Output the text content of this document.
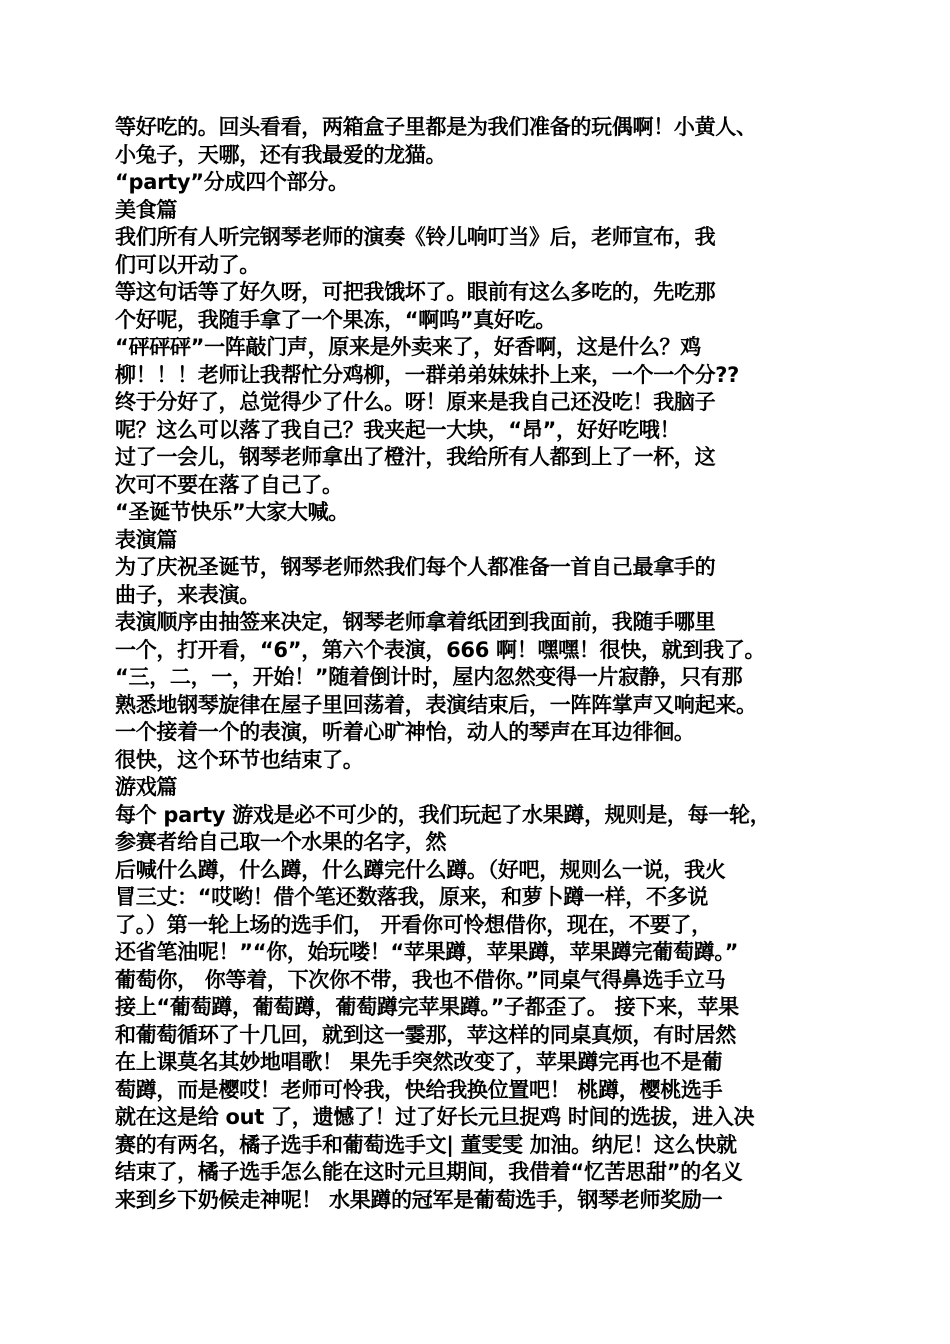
等好吃的。回头看看，两箱盒子里都是为我们准备的玩偶啊！小黄人、
小兔子，天哪，还有我最爱的龙猫。
“party”分成四个部分。
美食篇
我们所有人听完钢琴老师的演奏《铃儿响叮当》后，老师宣布，我
们可以开动了。
等这句话等了好久呀，可把我饿坏了。眼前有这么多吃的，先吃那
个好呢，我随手拿了一个果冻，“啊呜”真好吃。
“砰砰砰”一阵敲门声，原来是外卖来了，好香啊，这是什么？鸡
柳！！！老师让我帮忙分鸡柳，一群弟弟妹妹扑上来，一个一个分??
终于分好了，总觉得少了什么。呀！原来是我自己还没吃！我脑子
呢？这么可以落了我自己？我夹起一大块，“昂”，好好吃哦！
过了一会儿，钢琴老师拿出了橙汁，我给所有人都到上了一杯，这
次可不要在落了自己了。
“圣诞节快乐”大家大喊。
表演篇
为了庆祝圣诞节，钢琴老师然我们每个人都准备一首自己最拿手的
曲子，来表演。
表演顺序由抽签来决定，钢琴老师拿着纸团到我面前，我随手哪里
一个，打开看，“6”，第六个表演，666 啊！嘿嘿！很快，就到我了。
“三，二，一，开始！”随着倒计时，屋内忽然变得一片寂静，只有那
熟悉地钢琴旋律在屋子里回荡着，表演结束后，一阵阵掌声又响起来。
一个接着一个的表演，听着心旷神怡，动人的琴声在耳边徘徊。
很快，这个环节也结束了。
游戏篇
每个 party 游戏是必不可少的，我们玩起了水果蹲，规则是，每一轮，
参赛者给自己取一个水果的名字，然
后喊什么蹲，什么蹲，什么蹲完什么蹲。（好吧，规则么一说，我火
冒三丈：“哎哟！借个笔还数落我，原来，和萝卜蹲一样，不多说
了。）第一轮上场的选手们， 开看你可怜想借你，现在，不要了，
还省笔油呢！”“你，始玩喽！“苹果蹲，苹果蹲，苹果蹲完葡萄蹲。”
葡萄你， 你等着，下次你不带，我也不借你。”同桌气得鼻选手立马
接上“葡萄蹲，葡萄蹲，葡萄蹲完苹果蹲。”子都歪了。 接下来，苹果
和葡萄循环了十几回，就到这一霎那，苹这样的同桌真烦，有时居然
在上课莫名其妙地唱歌！ 果先手突然改变了，苹果蹲完再也不是葡
萄蹲，而是樱哎！老师可怜我，快给我换位置吧！ 桃蹲，樱桃选手
就在这是给 out 了，遗憾了！过了好长元旦捉鸡 时间的选拔，进入决
赛的有两名，橘子选手和葡萄选手文| 董雯雯 加油。纳尼！这么快就
结束了，橘子选手怎么能在这时元旦期间，我借着“忆苦思甜”的名义
来到乡下奶候走神呢！ 水果蹲的冠军是葡萄选手，钢琴老师奖励一
